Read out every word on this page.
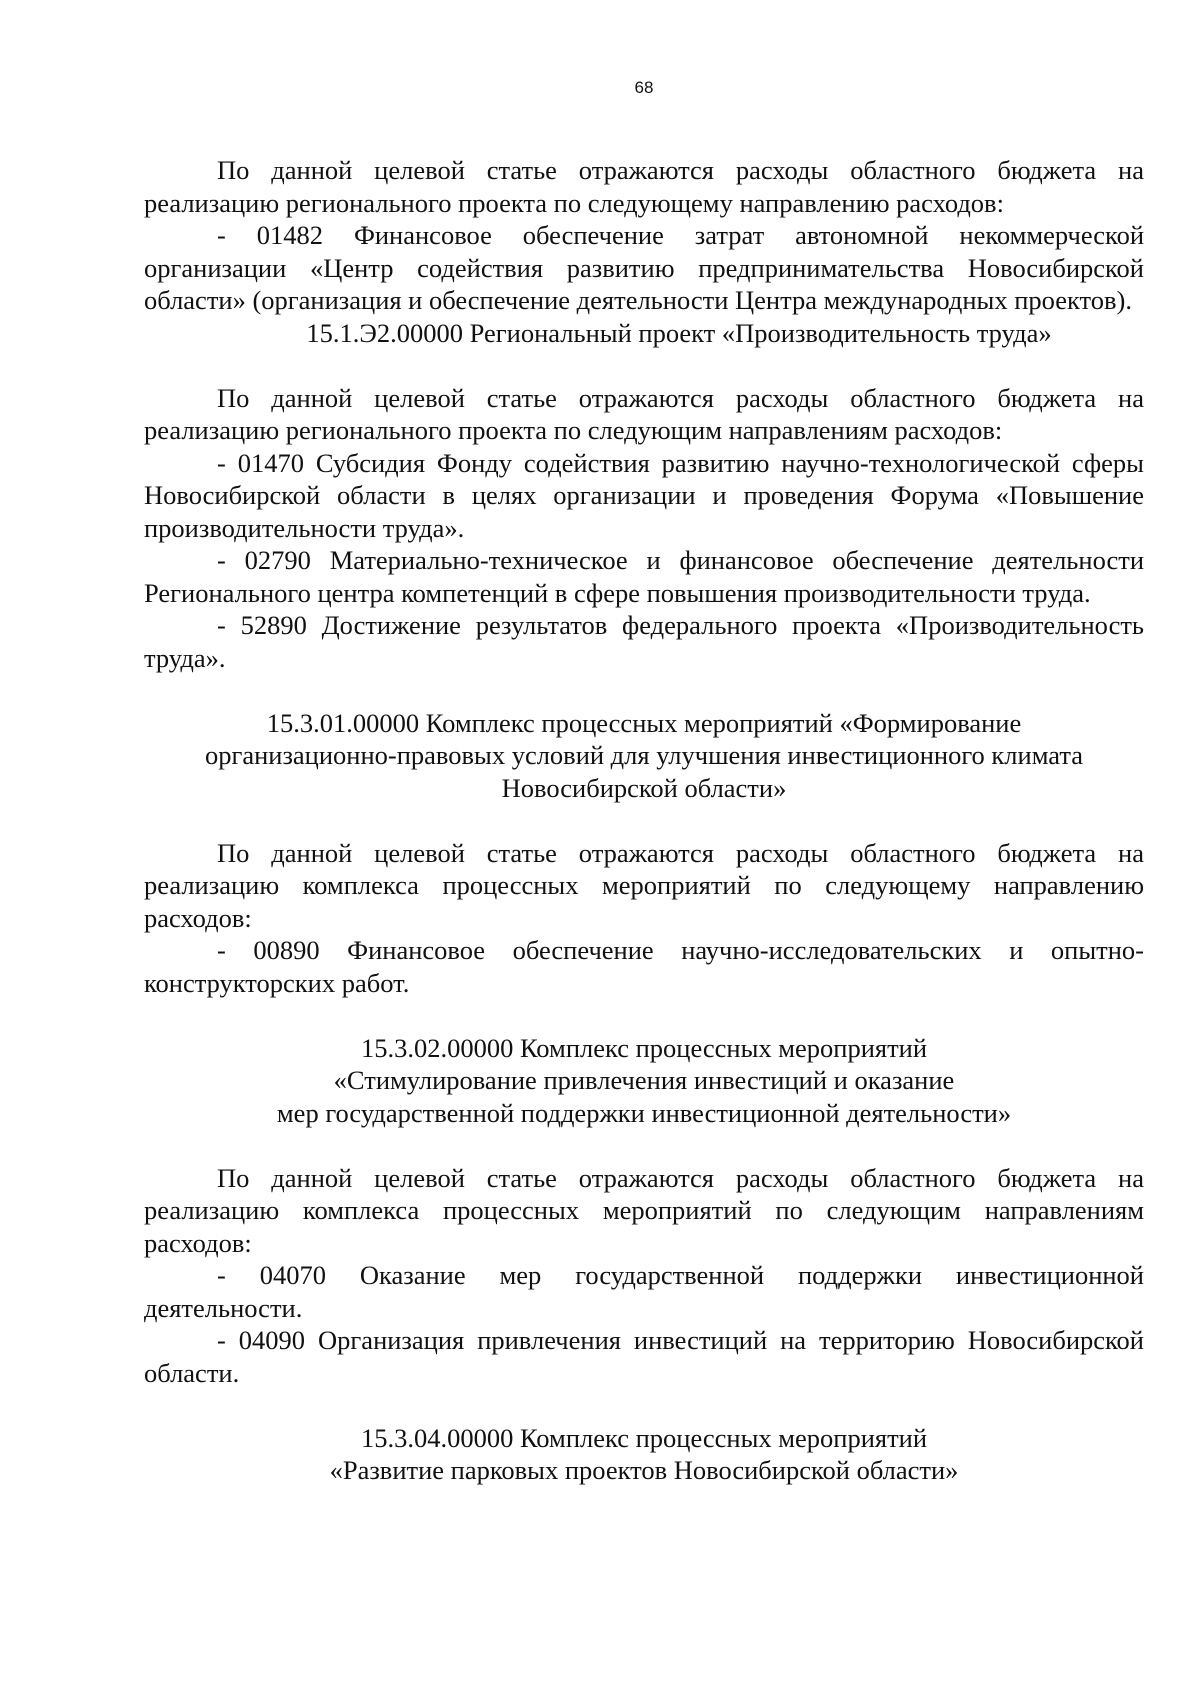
68

По данной целевой статье отражаются расходы областного бюджета на реализацию регионального проекта по следующему направлению расходов:

- 01482 Финансовое обеспечение затрат автономной некоммерческой организации «Центр содействия развитию предпринимательства Новосибирской области» (организация и обеспечение деятельности Центра международных проектов).

15.1.Э2.00000 Региональный проект «Производительность труда»

По данной целевой статье отражаются расходы областного бюджета на реализацию регионального проекта по следующим направлениям расходов:

- 01470 Субсидия Фонду содействия развитию научно-технологической сферы Новосибирской области в целях организации и проведения Форума «Повышение производительности труда».

- 02790 Материально-техническое и финансовое обеспечение деятельности Регионального центра компетенций в сфере повышения производительности труда.

- 52890 Достижение результатов федерального проекта «Производительность труда».

15.3.01.00000 Комплекс процессных мероприятий «Формирование
организационно-правовых условий для улучшения инвестиционного климата
Новосибирской области»

По данной целевой статье отражаются расходы областного бюджета на реализацию комплекса процессных мероприятий по следующему направлению расходов:

- 00890 Финансовое обеспечение научно-исследовательских и опытно-конструкторских работ.

15.3.02.00000 Комплекс процессных мероприятий
«Стимулирование привлечения инвестиций и оказание
мер государственной поддержки инвестиционной деятельности»

По данной целевой статье отражаются расходы областного бюджета на реализацию комплекса процессных мероприятий по следующим направлениям расходов:

- 04070 Оказание мер государственной поддержки инвестиционной деятельности.

- 04090 Организация привлечения инвестиций на территорию Новосибирской области.

15.3.04.00000 Комплекс процессных мероприятий
«Развитие парковых проектов Новосибирской области»
